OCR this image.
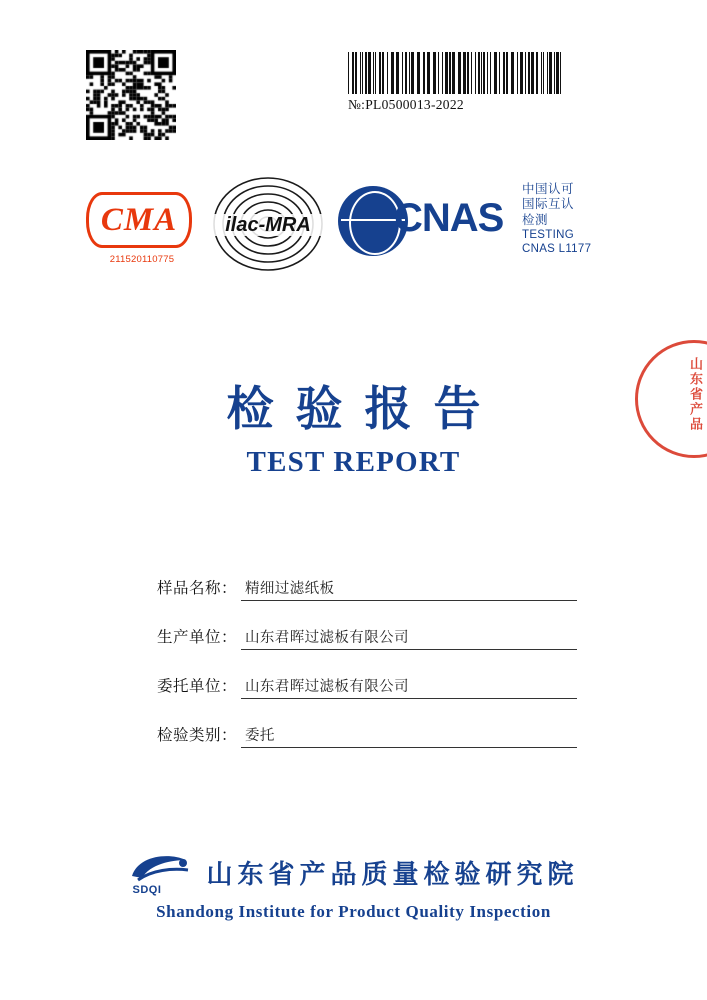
№:PL0500013-2022
CMA
211520110775
ilac-MRA CNAS
中国认可
国际互认
检测
TESTING
CNAS L1177
检验报告
TEST REPORT
样品名称： 精细过滤纸板
生产单位： 山东君晖过滤板有限公司
委托单位： 山东君晖过滤板有限公司
检验类别： 委托
山东省产品
SDQI
山东省产品质量检验研究院
Shandong Institute for Product Quality Inspection
